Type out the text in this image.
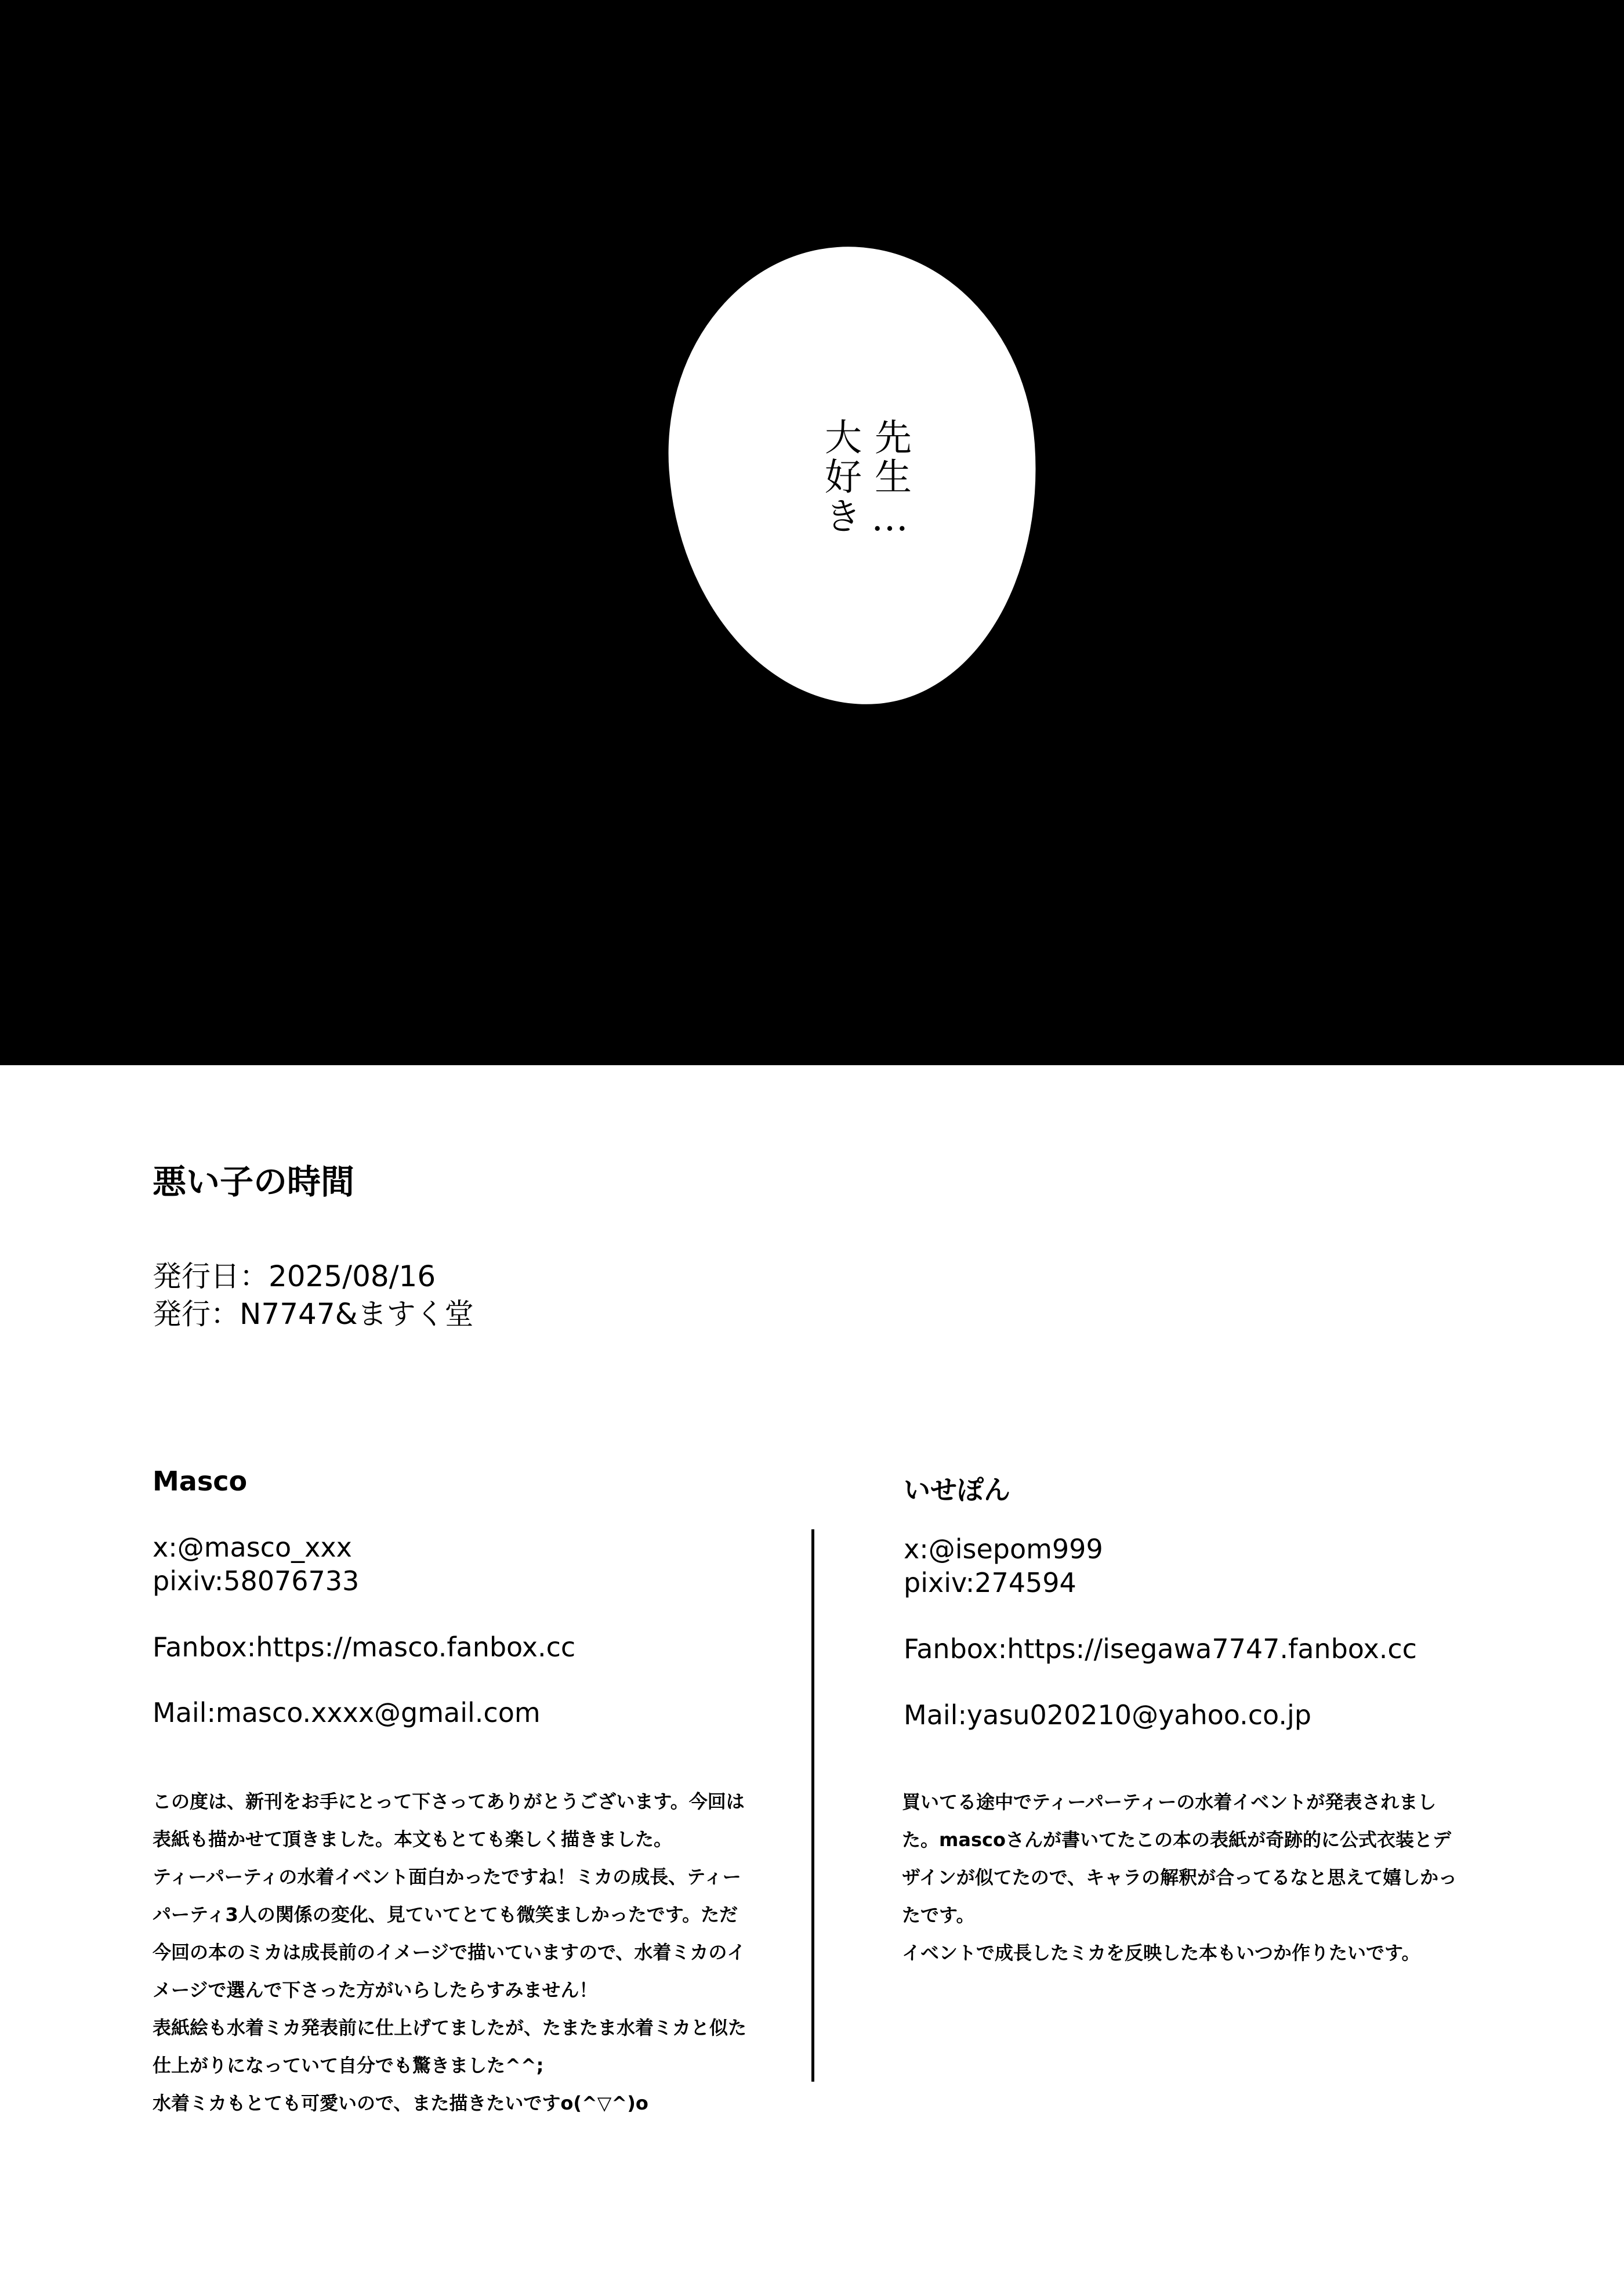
先生…
大好き
悪い子の時間
発行日：2025/08/16
発行：N7747&ますく堂
Masco
x:@masco_xxx
pixiv:58076733
Fanbox:https://masco.fanbox.cc
Mail:masco.xxxx@gmail.com
この度は、新刊をお手にとって下さってありがとうございます。今回は
表紙も描かせて頂きました。本文もとても楽しく描きました。
ティーパーティの水着イベント面白かったですね！ミカの成長、ティー
パーティ3人の関係の変化、見ていてとても微笑ましかったです。ただ
今回の本のミカは成長前のイメージで描いていますので、水着ミカのイ
メージで選んで下さった方がいらしたらすみません！
表紙絵も水着ミカ発表前に仕上げてましたが、たまたま水着ミカと似た
仕上がりになっていて自分でも驚きました^^;
水着ミカもとても可愛いので、また描きたいですo(^▽^)o
いせぽん
x:@isepom999
pixiv:274594
Fanbox:https://isegawa7747.fanbox.cc
Mail:yasu020210@yahoo.co.jp
買いてる途中でティーパーティーの水着イベントが発表されまし
た。mascoさんが書いてたこの本の表紙が奇跡的に公式衣装とデ
ザインが似てたので、キャラの解釈が合ってるなと思えて嬉しかっ
たです。
イベントで成長したミカを反映した本もいつか作りたいです。
